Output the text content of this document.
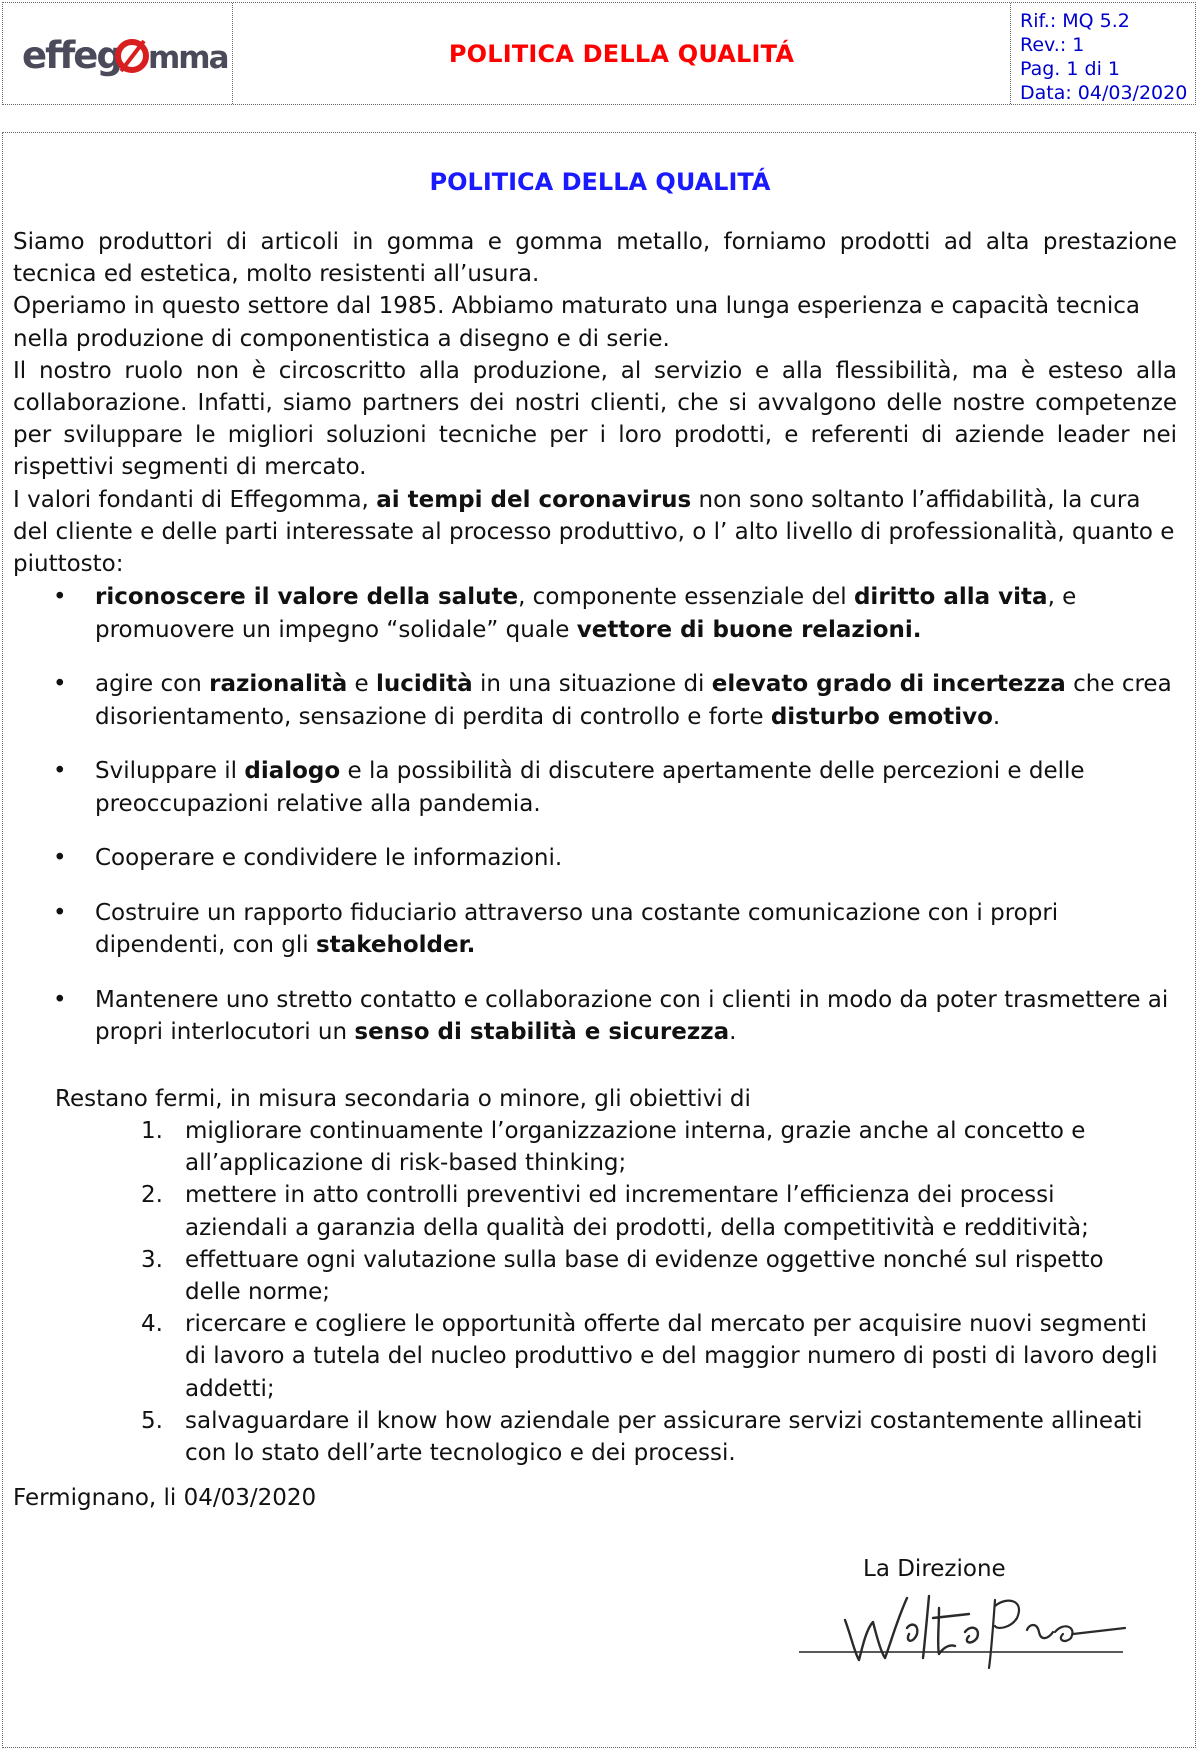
effeg mma	POLITICA DELLA QUALITÁ
Rif.: MQ 5.2
Rev.: 1
Pag. 1 di 1
Data: 04/03/2020
POLITICA DELLA QUALITÁ

Siamo produttori di articoli in gomma e gomma metallo, forniamo prodotti ad alta prestazione tecnica ed estetica, molto resistenti all’usura.

Operiamo in questo settore dal 1985. Abbiamo maturato una lunga esperienza e capacità tecnica nella produzione di componentistica a disegno e di serie.

Il nostro ruolo non è circoscritto alla produzione, al servizio e alla flessibilità, ma è esteso alla collaborazione. Infatti, siamo partners dei nostri clienti, che si avvalgono delle nostre competenze per sviluppare le migliori soluzioni tecniche per i loro prodotti, e referenti di aziende leader nei rispettivi segmenti di mercato.

I valori fondanti di Effegomma, ai tempi del coronavirus non sono soltanto l’affidabilità, la cura del cliente e delle parti interessate al processo produttivo, o l’ alto livello di professionalità, quanto e piuttosto:

• riconoscere il valore della salute, componente essenziale del diritto alla vita, e promuovere un impegno “solidale” quale vettore di buone relazioni.
• agire con razionalità e lucidità in una situazione di elevato grado di incertezza che crea disorientamento, sensazione di perdita di controllo e forte disturbo emotivo.
• Sviluppare il dialogo e la possibilità di discutere apertamente delle percezioni e delle preoccupazioni relative alla pandemia.
• Cooperare e condividere le informazioni.
• Costruire un rapporto fiduciario attraverso una costante comunicazione con i propri dipendenti, con gli stakeholder.
• Mantenere uno stretto contatto e collaborazione con i clienti in modo da poter trasmettere ai propri interlocutori un senso di stabilità e sicurezza.
Restano fermi, in misura secondaria o minore, gli obiettivi di
1. migliorare continuamente l’organizzazione interna, grazie anche al concetto e all’applicazione di risk-based thinking;
2. mettere in atto controlli preventivi ed incrementare l’efficienza dei processi aziendali a garanzia della qualità dei prodotti, della competitività e redditività;
3. effettuare ogni valutazione sulla base di evidenze oggettive nonché sul rispetto delle norme;
4. ricercare e cogliere le opportunità offerte dal mercato per acquisire nuovi segmenti di lavoro a tutela del nucleo produttivo e del maggior numero di posti di lavoro degli addetti;
5. salvaguardare il know how aziendale per assicurare servizi costantemente allineati con lo stato dell’arte tecnologico e dei processi.
Fermignano, li 04/03/2020
La Direzione
